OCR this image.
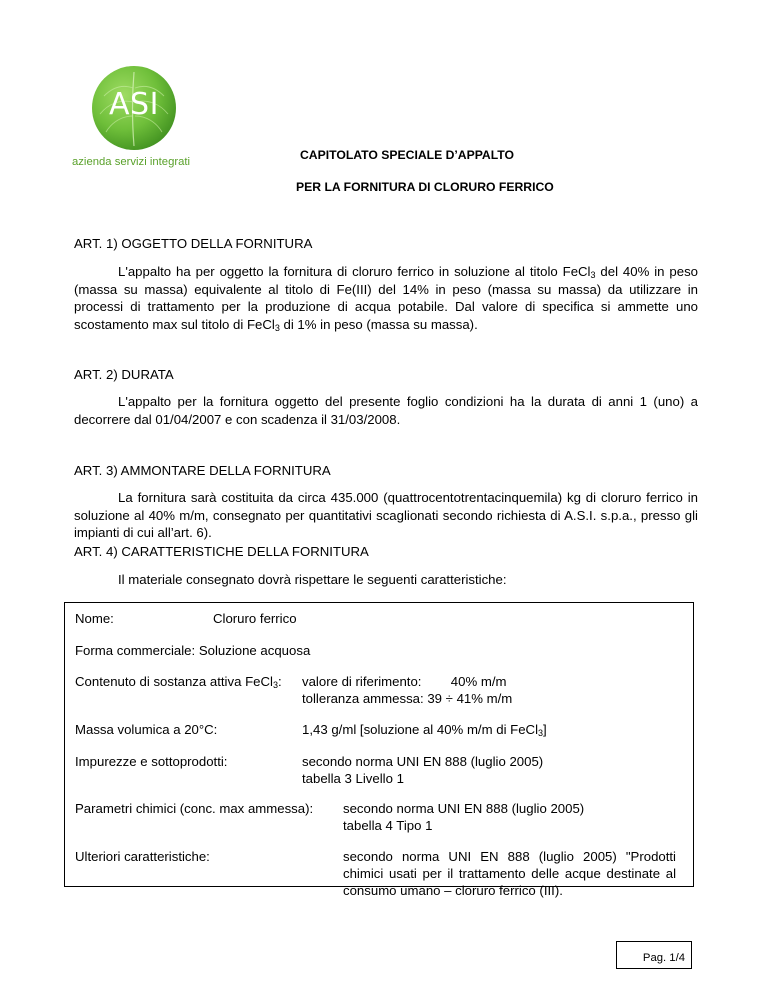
ASI
azienda servizi integrati	CAPITOLATO SPECIALE D’APPALTO
PER LA FORNITURA DI CLORURO FERRICO
ART. 1) OGGETTO DELLA FORNITURA
L'appalto ha per oggetto la fornitura di cloruro ferrico in soluzione al titolo FeCl$_3$ del 40% in peso (massa su massa) equivalente al titolo di Fe(III) del 14% in peso (massa su massa) da utilizzare in processi di trattamento per la produzione di acqua potabile. Dal valore di specifica si ammette uno scostamento max sul titolo di FeCl$_3$ di 1% in peso (massa su massa).
ART. 2) DURATA
L'appalto per la fornitura oggetto del presente foglio condizioni ha la durata di anni 1 (uno) a decorrere dal 01/04/2007 e con scadenza il 31/03/2008.
ART. 3) AMMONTARE DELLA FORNITURA
La fornitura sarà costituita da circa 435.000 (quattrocentotrentacinquemila) kg di cloruro ferrico in soluzione al 40% m/m, consegnato per quantitativi scaglionati secondo richiesta di A.S.I. s.p.a., presso gli impianti di cui all’art. 6).
ART. 4) CARATTERISTICHE DELLA FORNITURA
Il materiale consegnato dovrà rispettare le seguenti caratteristiche:
Nome:	Cloruro ferrico
Forma commerciale: Soluzione acquosa
Contenuto di sostanza attiva FeCl$_3$: valore di riferimento:        40% m/m
tolleranza ammessa: 39 ÷ 41% m/m
Massa volumica a 20°C:	1,43 g/ml [soluzione al 40% m/m di FeCl$_3$]
Impurezze e sottoprodotti:	secondo norma UNI EN 888 (luglio 2005)
tabella 3 Livello 1
Parametri chimici (conc. max ammessa): secondo norma UNI EN 888 (luglio 2005)
tabella 4 Tipo 1
Ulteriori caratteristiche:	secondo norma UNI EN 888 (luglio 2005) "Prodotti chimici usati per il trattamento delle acque destinate al consumo umano – cloruro ferrico (III).
Pag. 1/4
